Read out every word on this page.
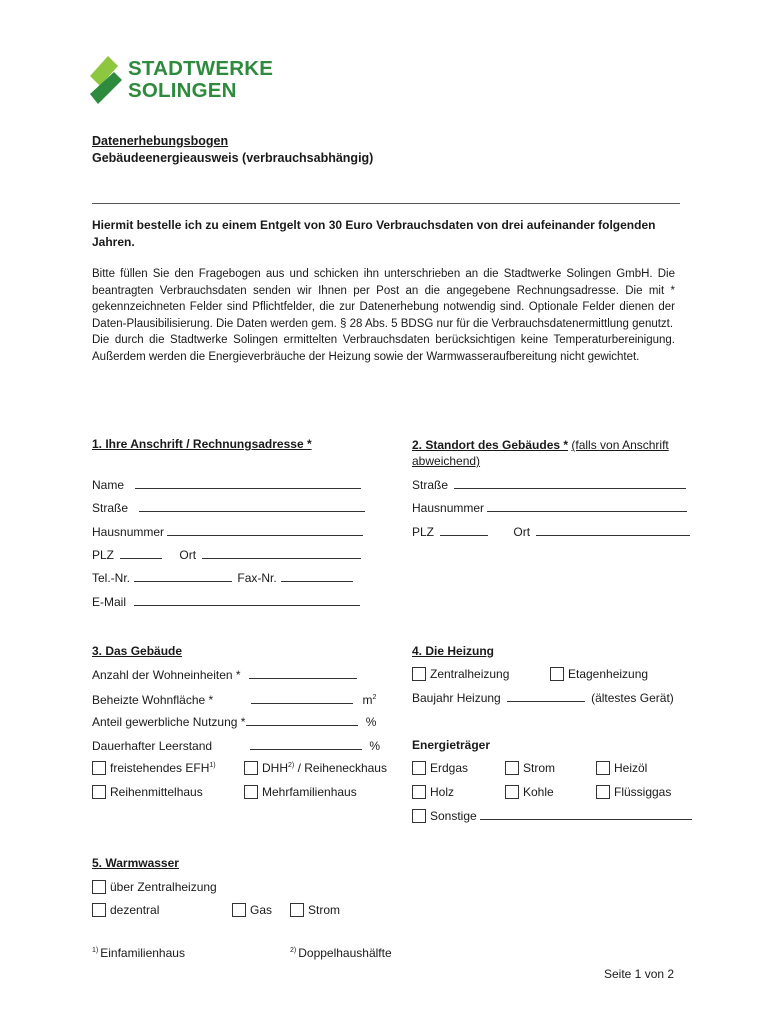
STADTWERKE
SOLINGEN
Datenerhebungsbogen
Gebäudeenergieausweis (verbrauchsabhängig)
Hiermit bestelle ich zu einem Entgelt von 30 Euro Verbrauchsdaten von drei aufeinander folgenden Jahren.
Bitte füllen Sie den Fragebogen aus und schicken ihn unterschrieben an die Stadtwerke Solingen GmbH. Die beantragten Verbrauchsdaten senden wir Ihnen per Post an die angegebene Rechnungsadresse. Die mit * gekennzeichneten Felder sind Pflichtfelder, die zur Datenerhebung notwendig sind. Optionale Felder dienen der Daten-Plausibilisierung. Die Daten werden gem. § 28 Abs. 5 BDSG nur für die Verbrauchsdatenermittlung genutzt.
Die durch die Stadtwerke Solingen ermittelten Verbrauchsdaten berücksichtigen keine Temperaturbereinigung. Außerdem werden die Energieverbräuche der Heizung sowie der Warmwasseraufbereitung nicht gewichtet.
1. Ihre Anschrift / Rechnungsadresse *
Name
Straße
Hausnummer
PLZ	Ort
Tel.-Nr.	Fax-Nr.
E-Mail
2. Standort des Gebäudes * (falls von Anschrift
abweichend)
Straße
Hausnummer
PLZ	Ort
3. Das Gebäude
Anzahl der Wohneinheiten *
Beheizte Wohnfläche *	$m^2$
Anteil gewerbliche Nutzung *	%
Dauerhafter Leerstand	%
freistehendes EFH$^{1)}$	DHH$^{2)}$ / Reiheneckhaus
Reihenmittelhaus	Mehrfamilienhaus
4. Die Heizung
Zentralheizung	Etagenheizung
Baujahr Heizung	(ältestes Gerät)
Energieträger
Erdgas	Strom	Heizöl
Holz	Kohle	Flüssiggas
Sonstige
5. Warmwasser
über Zentralheizung
dezentral	Gas	Strom
$^{1)}$ Einfamilienhaus	$^{2)}$ Doppelhaushälfte
Seite 1 von 2
